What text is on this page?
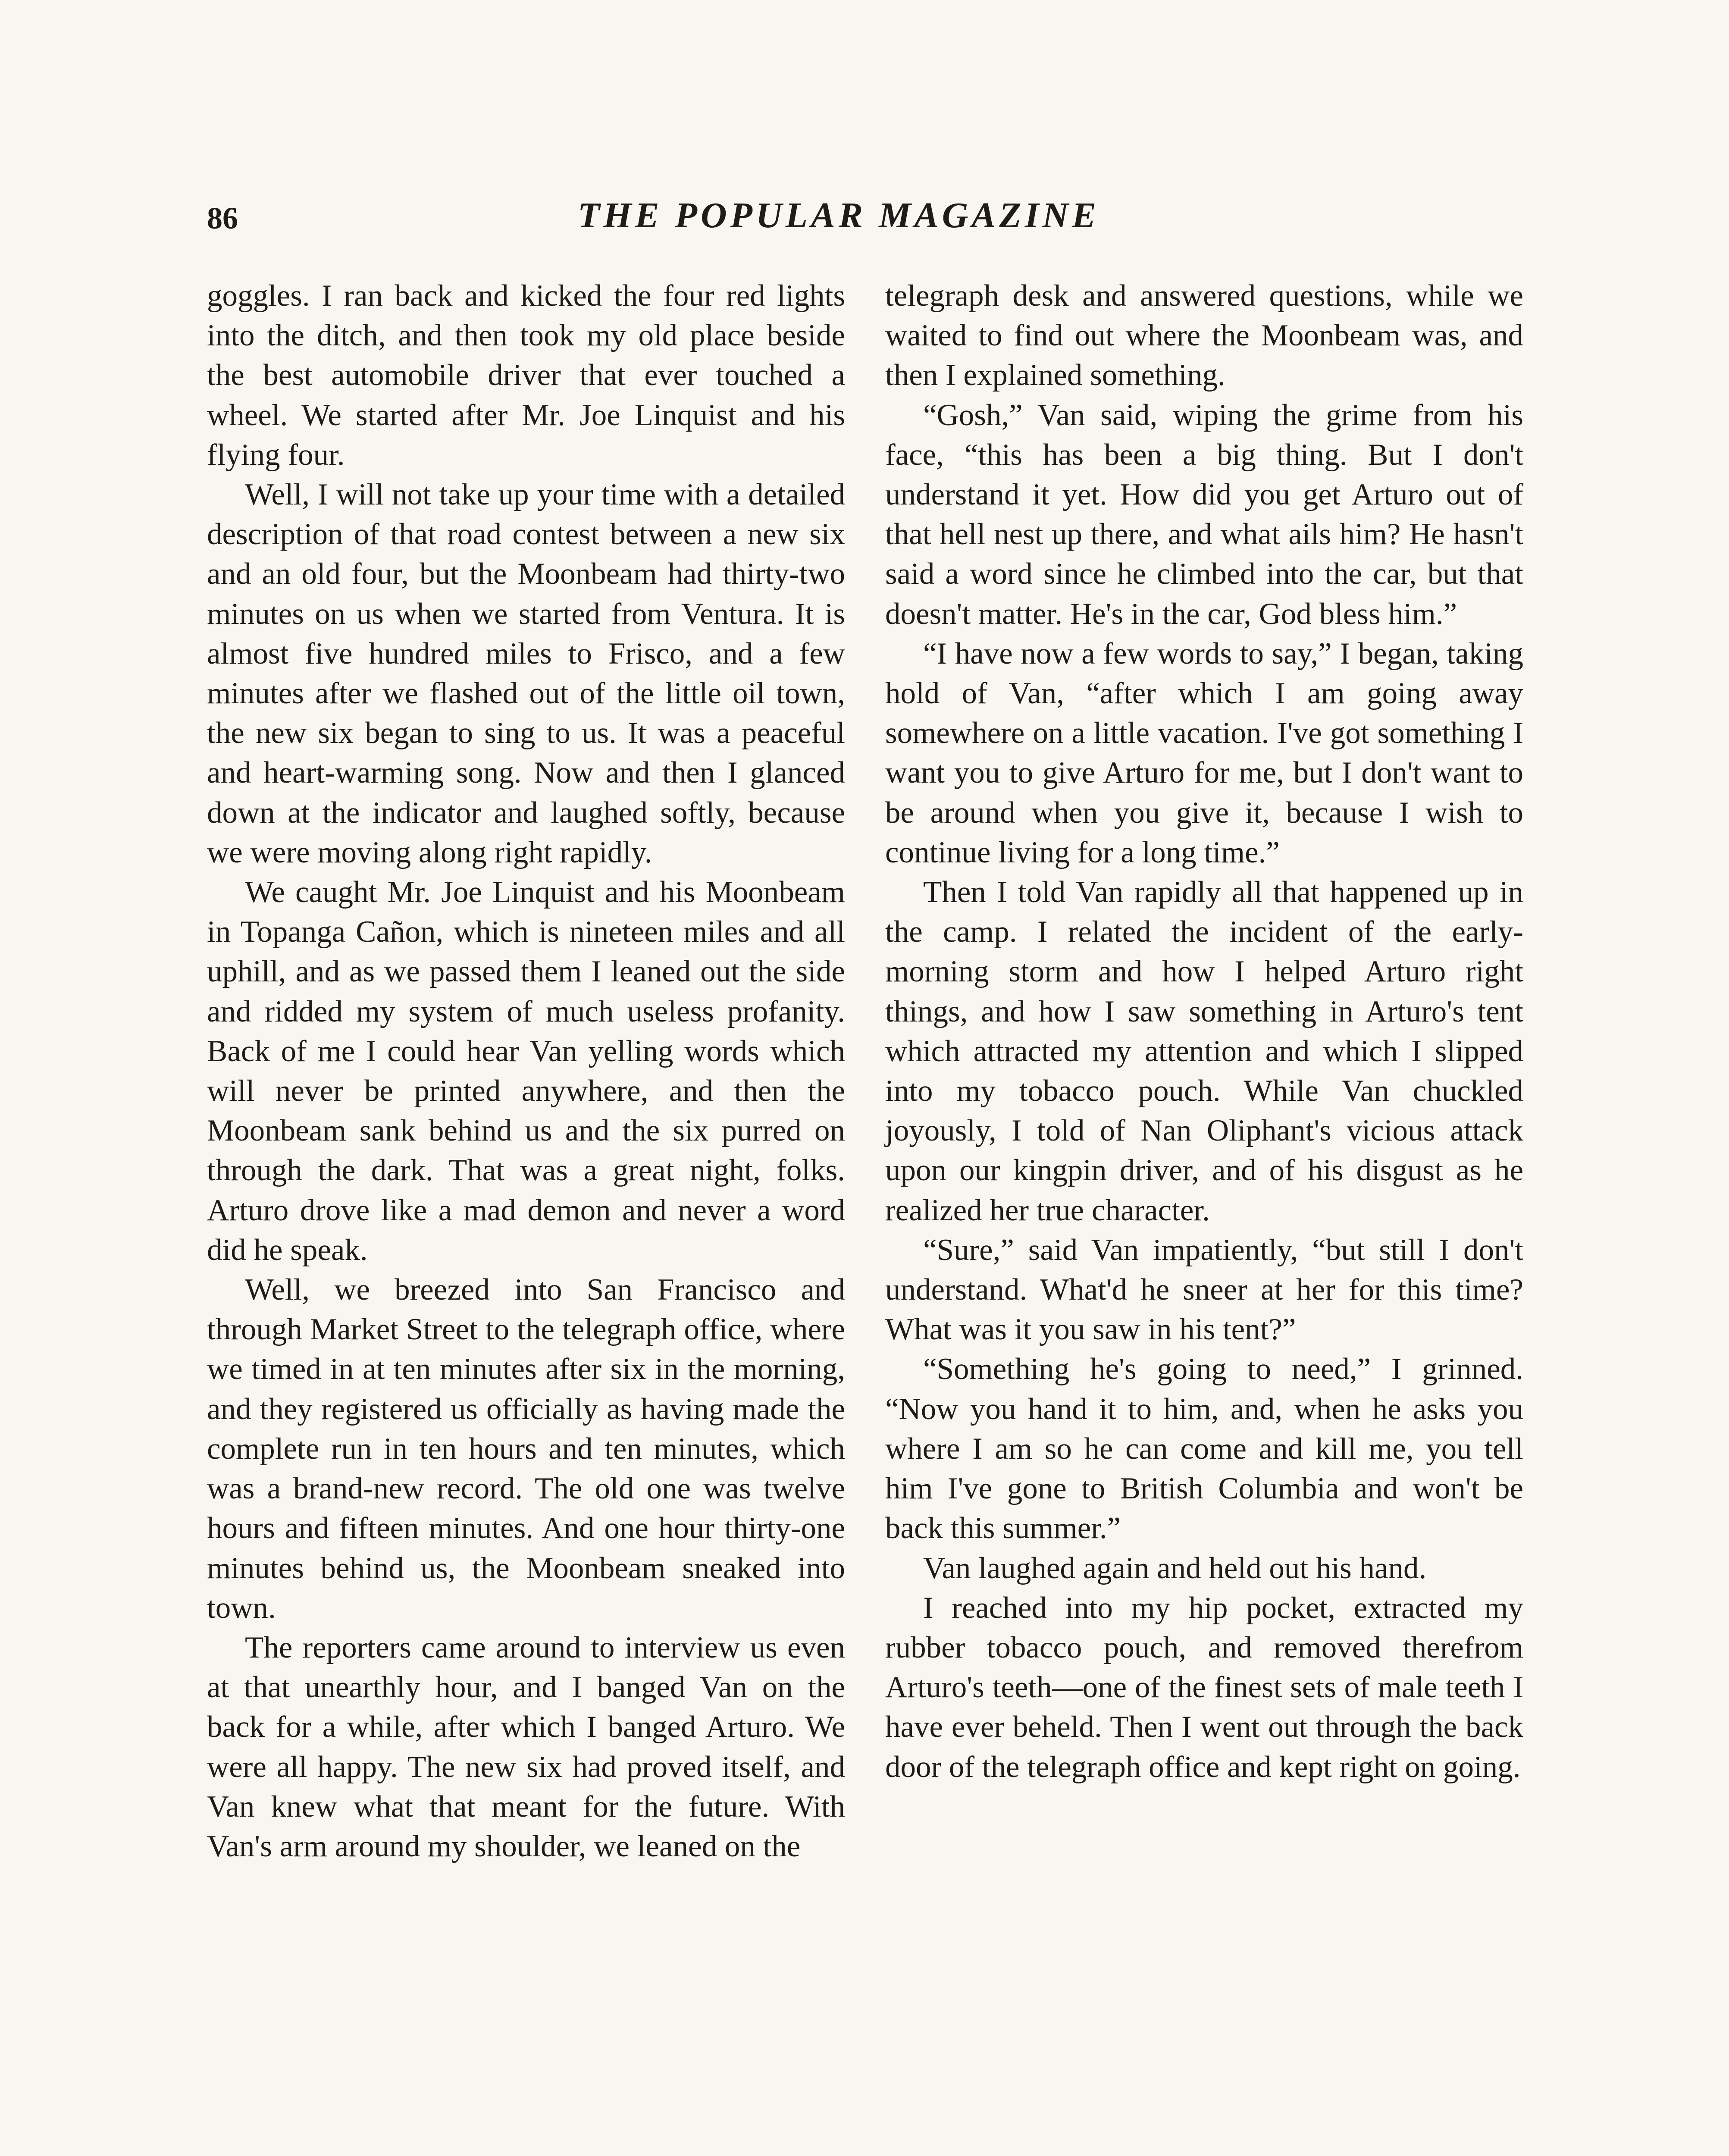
86	THE POPULAR MAGAZINE

goggles. I ran back and kicked the four red lights into the ditch, and then took my old place beside the best automobile driver that ever touched a wheel. We started after Mr. Joe Linquist and his flying four.

Well, I will not take up your time with a detailed description of that road contest between a new six and an old four, but the Moonbeam had thirty-two minutes on us when we started from Ventura. It is almost five hundred miles to Frisco, and a few minutes after we flashed out of the little oil town, the new six began to sing to us. It was a peaceful and heart-warming song. Now and then I glanced down at the indicator and laughed softly, because we were moving along right rapidly.

We caught Mr. Joe Linquist and his Moonbeam in Topanga Cañon, which is nineteen miles and all uphill, and as we passed them I leaned out the side and ridded my system of much useless profanity. Back of me I could hear Van yelling words which will never be printed anywhere, and then the Moonbeam sank behind us and the six purred on through the dark. That was a great night, folks. Arturo drove like a mad demon and never a word did he speak.

Well, we breezed into San Francisco and through Market Street to the telegraph office, where we timed in at ten minutes after six in the morning, and they registered us officially as having made the complete run in ten hours and ten minutes, which was a brand-new record. The old one was twelve hours and fifteen minutes. And one hour thirty-one minutes behind us, the Moonbeam sneaked into town.

The reporters came around to interview us even at that unearthly hour, and I banged Van on the back for a while, after which I banged Arturo. We were all happy. The new six had proved itself, and Van knew what that meant for the future. With Van's arm around my shoulder, we leaned on the

telegraph desk and answered questions, while we waited to find out where the Moonbeam was, and then I explained something.

“Gosh,” Van said, wiping the grime from his face, “this has been a big thing. But I don't understand it yet. How did you get Arturo out of that hell nest up there, and what ails him? He hasn't said a word since he climbed into the car, but that doesn't matter. He's in the car, God bless him.”

“I have now a few words to say,” I began, taking hold of Van, “after which I am going away somewhere on a little vacation. I've got something I want you to give Arturo for me, but I don't want to be around when you give it, because I wish to continue living for a long time.”

Then I told Van rapidly all that happened up in the camp. I related the incident of the early-morning storm and how I helped Arturo right things, and how I saw something in Arturo's tent which attracted my attention and which I slipped into my tobacco pouch. While Van chuckled joyously, I told of Nan Oliphant's vicious attack upon our kingpin driver, and of his disgust as he realized her true character.

“Sure,” said Van impatiently, “but still I don't understand. What'd he sneer at her for this time? What was it you saw in his tent?”

“Something he's going to need,” I grinned. “Now you hand it to him, and, when he asks you where I am so he can come and kill me, you tell him I've gone to British Columbia and won't be back this summer.”

Van laughed again and held out his hand.

I reached into my hip pocket, extracted my rubber tobacco pouch, and removed therefrom Arturo's teeth—one of the finest sets of male teeth I have ever beheld. Then I went out through the back door of the telegraph office and kept right on going.
